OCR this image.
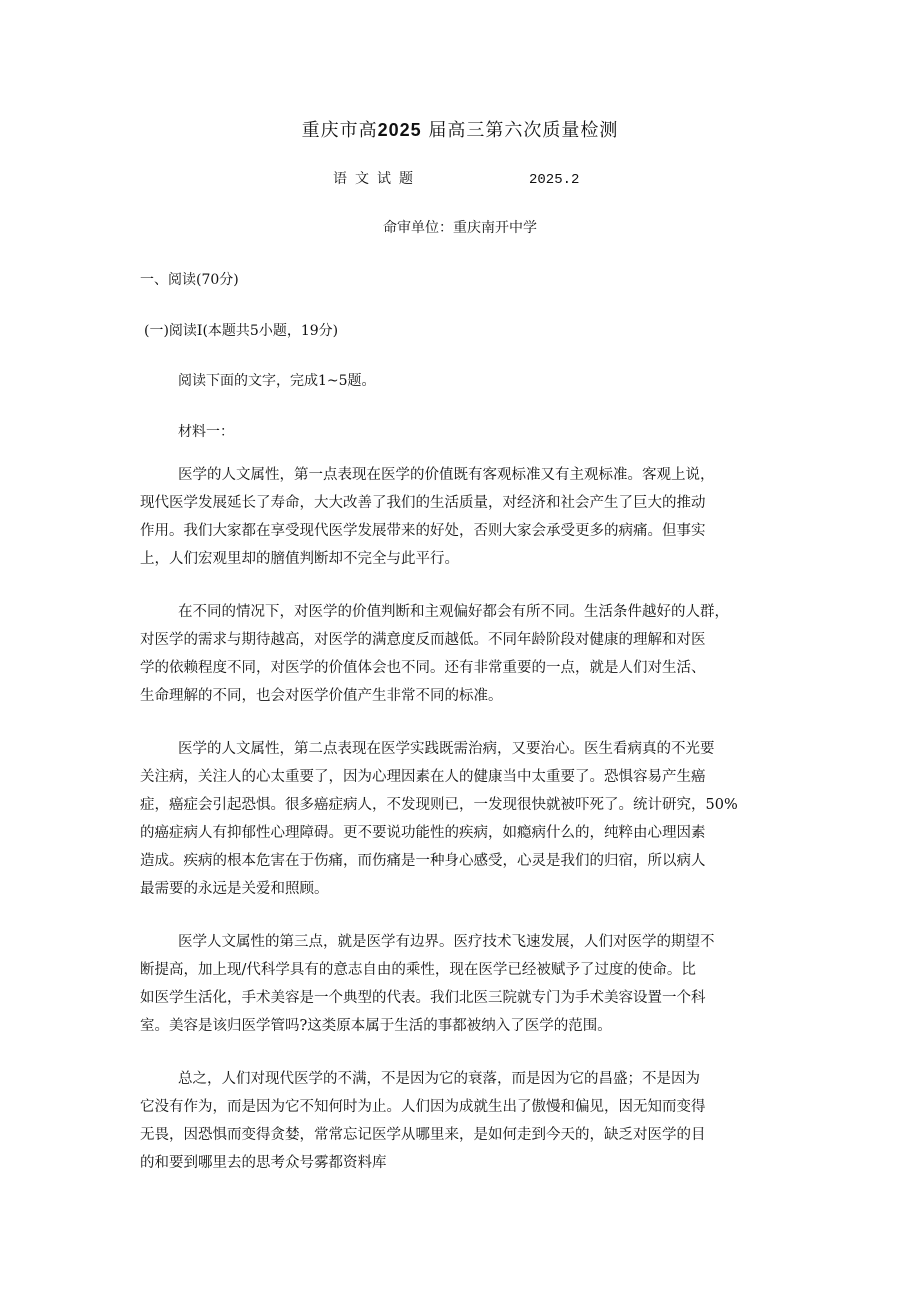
重庆市高2025 届高三第六次质量检测
语文试题	2025.2
命审单位：重庆南开中学
一、阅读(70分)
(一)阅读Ⅰ(本题共5小题，19分)
阅读下面的文字，完成1~5题。
材料一：

医学的人文属性，第一点表现在医学的价值既有客观标准又有主观标准。客观上说，
现代医学发展延长了寿命，大大改善了我们的生活质量，对经济和社会产生了巨大的推动
作用。我们大家都在享受现代医学发展带来的好处，否则大家会承受更多的病痛。但事实
上，人们宏观里却的膪值判断却不完全与此平行。

在不同的情况下，对医学的价值判断和主观偏好都会有所不同。生活条件越好的人群，
对医学的需求与期待越高，对医学的满意度反而越低。不同年龄阶段对健康的理解和对医
学的依赖程度不同，对医学的价值体会也不同。还有非常重要的一点，就是人们对生活、
生命理解的不同，也会对医学价值产生非常不同的标准。

医学的人文属性，第二点表现在医学实践既需治病，又要治心。医生看病真的不光要
关注病，关注人的心太重要了，因为心理因素在人的健康当中太重要了。恐惧容易产生癌
症，癌症会引起恐惧。很多癌症病人，不发现则已，一发现很快就被吓死了。统计研究，50%
的癌症病人有抑郁性心理障碍。更不要说功能性的疾病，如瘾病什么的，纯粹由心理因素
造成。疾病的根本危害在于伤痛，而伤痛是一种身心感受，心灵是我们的归宿，所以病人
最需要的永远是关爱和照顾。

医学人文属性的第三点，就是医学有边界。医疗技术飞速发展，人们对医学的期望不
断提高，加上现/代科学具有的意志自由的乘性，现在医学已经被赋予了过度的使命。比
如医学生活化，手术美容是一个典型的代表。我们北医三院就专门为手术美容设置一个科
室。美容是该归医学管吗?这类原本属于生活的事都被纳入了医学的范围。

总之，人们对现代医学的不满，不是因为它的衰落，而是因为它的昌盛；不是因为
它没有作为，而是因为它不知何时为止。人们因为成就生出了傲慢和偏见，因无知而变得
无畏，因恐惧而变得贪婪，常常忘记医学从哪里来，是如何走到今天的，缺乏对医学的目
的和要到哪里去的思考众号雾都资料库
